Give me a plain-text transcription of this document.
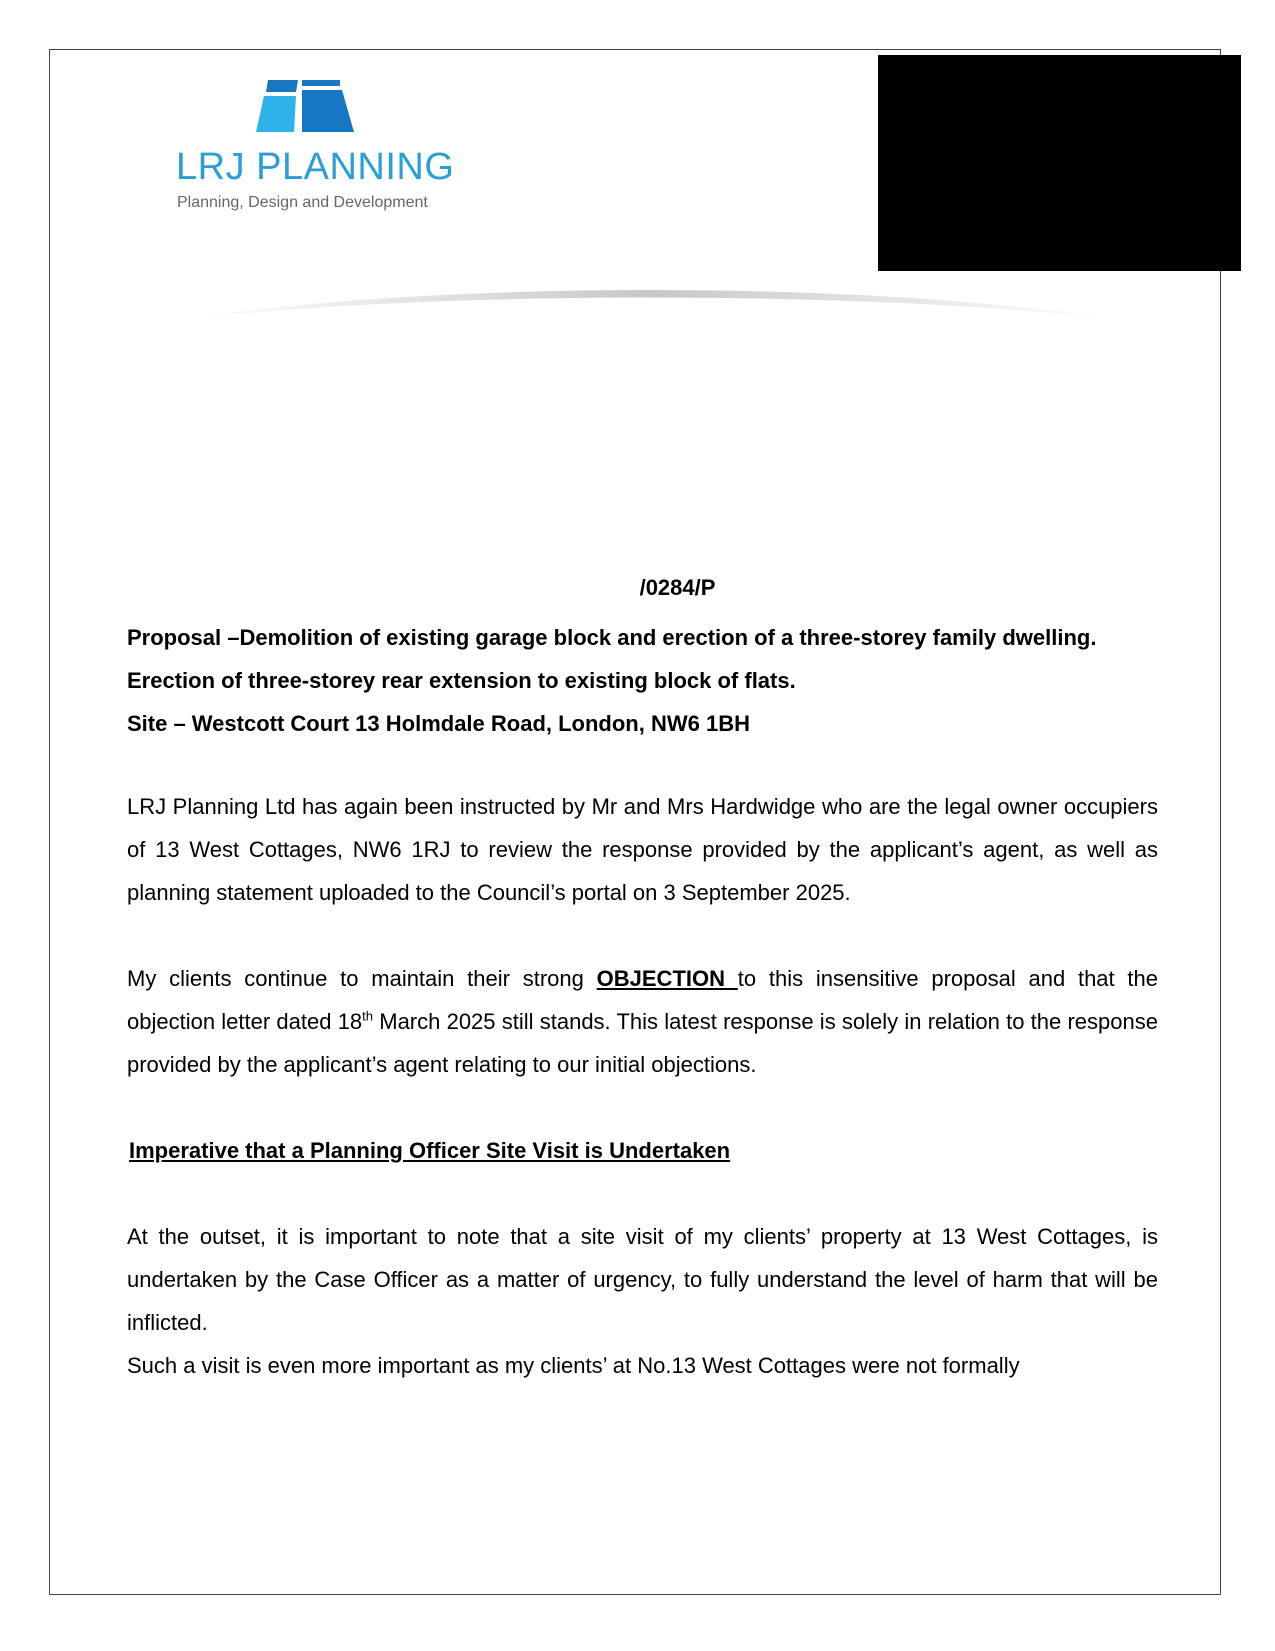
LRJ PLANNING
Planning, Design and Development
/0284/P
Proposal –Demolition of existing garage block and erection of a three-storey family dwelling. Erection of three-storey rear extension to existing block of flats.
Site – Westcott Court 13 Holmdale Road, London, NW6 1BH

LRJ Planning Ltd has again been instructed by Mr and Mrs Hardwidge who are the legal owner occupiers of 13 West Cottages, NW6 1RJ to review the response provided by the applicant’s agent, as well as planning statement uploaded to the Council’s portal on 3 September 2025.

My clients continue to maintain their strong OBJECTION to this insensitive proposal and that the objection letter dated 18th March 2025 still stands. This latest response is solely in relation to the response provided by the applicant’s agent relating to our initial objections.

Imperative that a Planning Officer Site Visit is Undertaken

At the outset, it is important to note that a site visit of my clients’ property at 13 West Cottages, is undertaken by the Case Officer as a matter of urgency, to fully understand the level of harm that will be inflicted.

Such a visit is even more important as my clients’ at No.13 West Cottages were not formally
